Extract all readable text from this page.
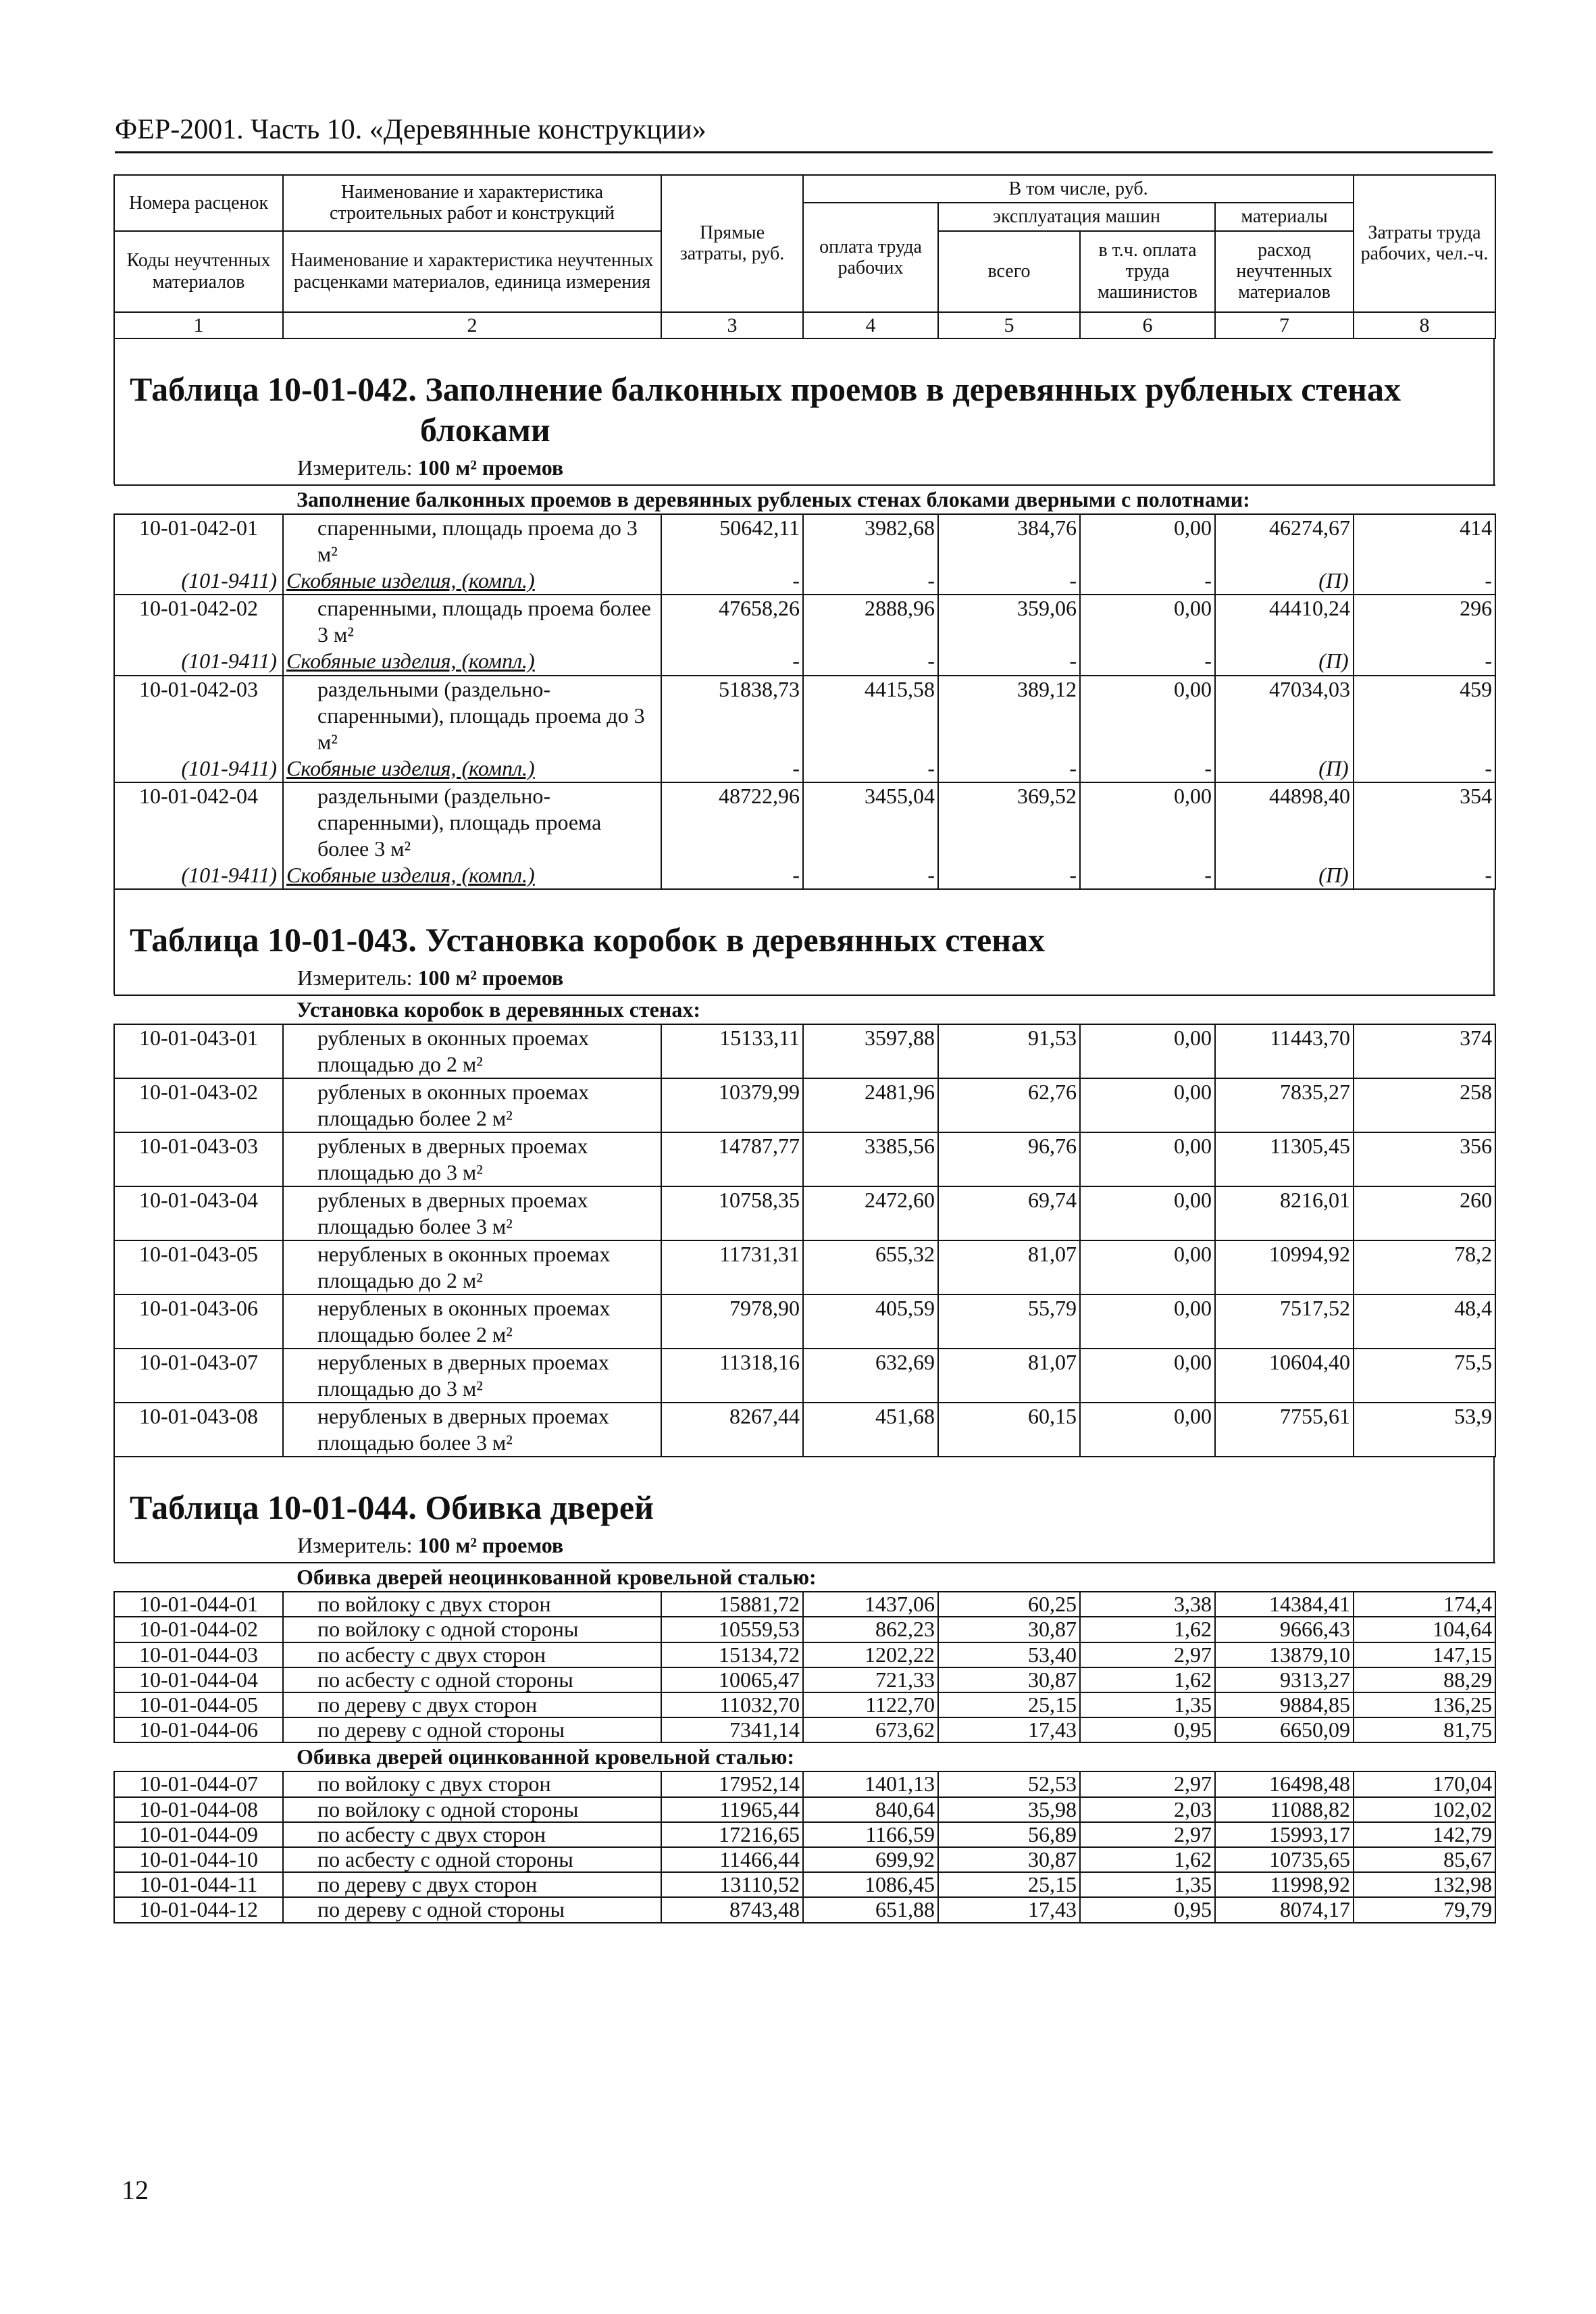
ФЕР-2001. Часть 10. «Деревянные конструкции»
Номера расценок	Наименование и характеристика строительных работ и конструкций	Прямые затраты, руб.	В том числе, руб.				Затраты труда рабочих, чел.-ч.
			оплата труда рабочих	эксплуатация машин		материалы	
Коды неучтенных материалов	Наименование и характеристика неучтенных расценками материалов, единица измерения			всего	в т.ч. оплата труда машинистов	расход неучтенных материалов	

1	2	3	4	5	6	7	8
Таблица 10-01-042. Заполнение балконных проемов в деревянных рубленых стенах
блоками
Измеритель: 100 м² проемов
Заполнение балконных проемов в деревянных рубленых стенах блоками дверными с полотнами:							
10-01-042-01	спаренными, площадь проема до 3 м²	50642,11	3982,68	384,76	0,00	46274,67	414
(101-9411)	Скобяные изделия, (компл.)	-	-	-	-	(П)	-
10-01-042-02	спаренными, площадь проема более 3 м²	47658,26	2888,96	359,06	0,00	44410,24	296
(101-9411)	Скобяные изделия, (компл.)	-	-	-	-	(П)	-
10-01-042-03	раздельными (раздельно-спаренными), площадь проема до 3 м²	51838,73	4415,58	389,12	0,00	47034,03	459
(101-9411)	Скобяные изделия, (компл.)	-	-	-	-	(П)	-
10-01-042-04	раздельными (раздельно-спаренными), площадь проема более 3 м²	48722,96	3455,04	369,52	0,00	44898,40	354
(101-9411)	Скобяные изделия, (компл.)	-	-	-	-	(П)	-
Таблица 10-01-043. Установка коробок в деревянных стенах
Измеритель: 100 м² проемов
Установка коробок в деревянных стенах:							
10-01-043-01	рубленых в оконных проемах площадью до 2 м²	15133,11	3597,88	91,53	0,00	11443,70	374
10-01-043-02	рубленых в оконных проемах площадью более 2 м²	10379,99	2481,96	62,76	0,00	7835,27	258
10-01-043-03	рубленых в дверных проемах площадью до 3 м²	14787,77	3385,56	96,76	0,00	11305,45	356
10-01-043-04	рубленых в дверных проемах площадью более 3 м²	10758,35	2472,60	69,74	0,00	8216,01	260
10-01-043-05	нерубленых в оконных проемах площадью до 2 м²	11731,31	655,32	81,07	0,00	10994,92	78,2
10-01-043-06	нерубленых в оконных проемах площадью более 2 м²	7978,90	405,59	55,79	0,00	7517,52	48,4
10-01-043-07	нерубленых в дверных проемах площадью до 3 м²	11318,16	632,69	81,07	0,00	10604,40	75,5
10-01-043-08	нерубленых в дверных проемах площадью более 3 м²	8267,44	451,68	60,15	0,00	7755,61	53,9
Таблица 10-01-044. Обивка дверей
Измеритель: 100 м² проемов
Обивка дверей неоцинкованной кровельной сталью:							
10-01-044-01	по войлоку с двух сторон	15881,72	1437,06	60,25	3,38	14384,41	174,4
10-01-044-02	по войлоку с одной стороны	10559,53	862,23	30,87	1,62	9666,43	104,64
10-01-044-03	по асбесту с двух сторон	15134,72	1202,22	53,40	2,97	13879,10	147,15
10-01-044-04	по асбесту с одной стороны	10065,47	721,33	30,87	1,62	9313,27	88,29
10-01-044-05	по дереву с двух сторон	11032,70	1122,70	25,15	1,35	9884,85	136,25
10-01-044-06	по дереву с одной стороны	7341,14	673,62	17,43	0,95	6650,09	81,75
Обивка дверей оцинкованной кровельной сталью:							
10-01-044-07	по войлоку с двух сторон	17952,14	1401,13	52,53	2,97	16498,48	170,04
10-01-044-08	по войлоку с одной стороны	11965,44	840,64	35,98	2,03	11088,82	102,02
10-01-044-09	по асбесту с двух сторон	17216,65	1166,59	56,89	2,97	15993,17	142,79
10-01-044-10	по асбесту с одной стороны	11466,44	699,92	30,87	1,62	10735,65	85,67
10-01-044-11	по дереву с двух сторон	13110,52	1086,45	25,15	1,35	11998,92	132,98
10-01-044-12	по дереву с одной стороны	8743,48	651,88	17,43	0,95	8074,17	79,79
12
